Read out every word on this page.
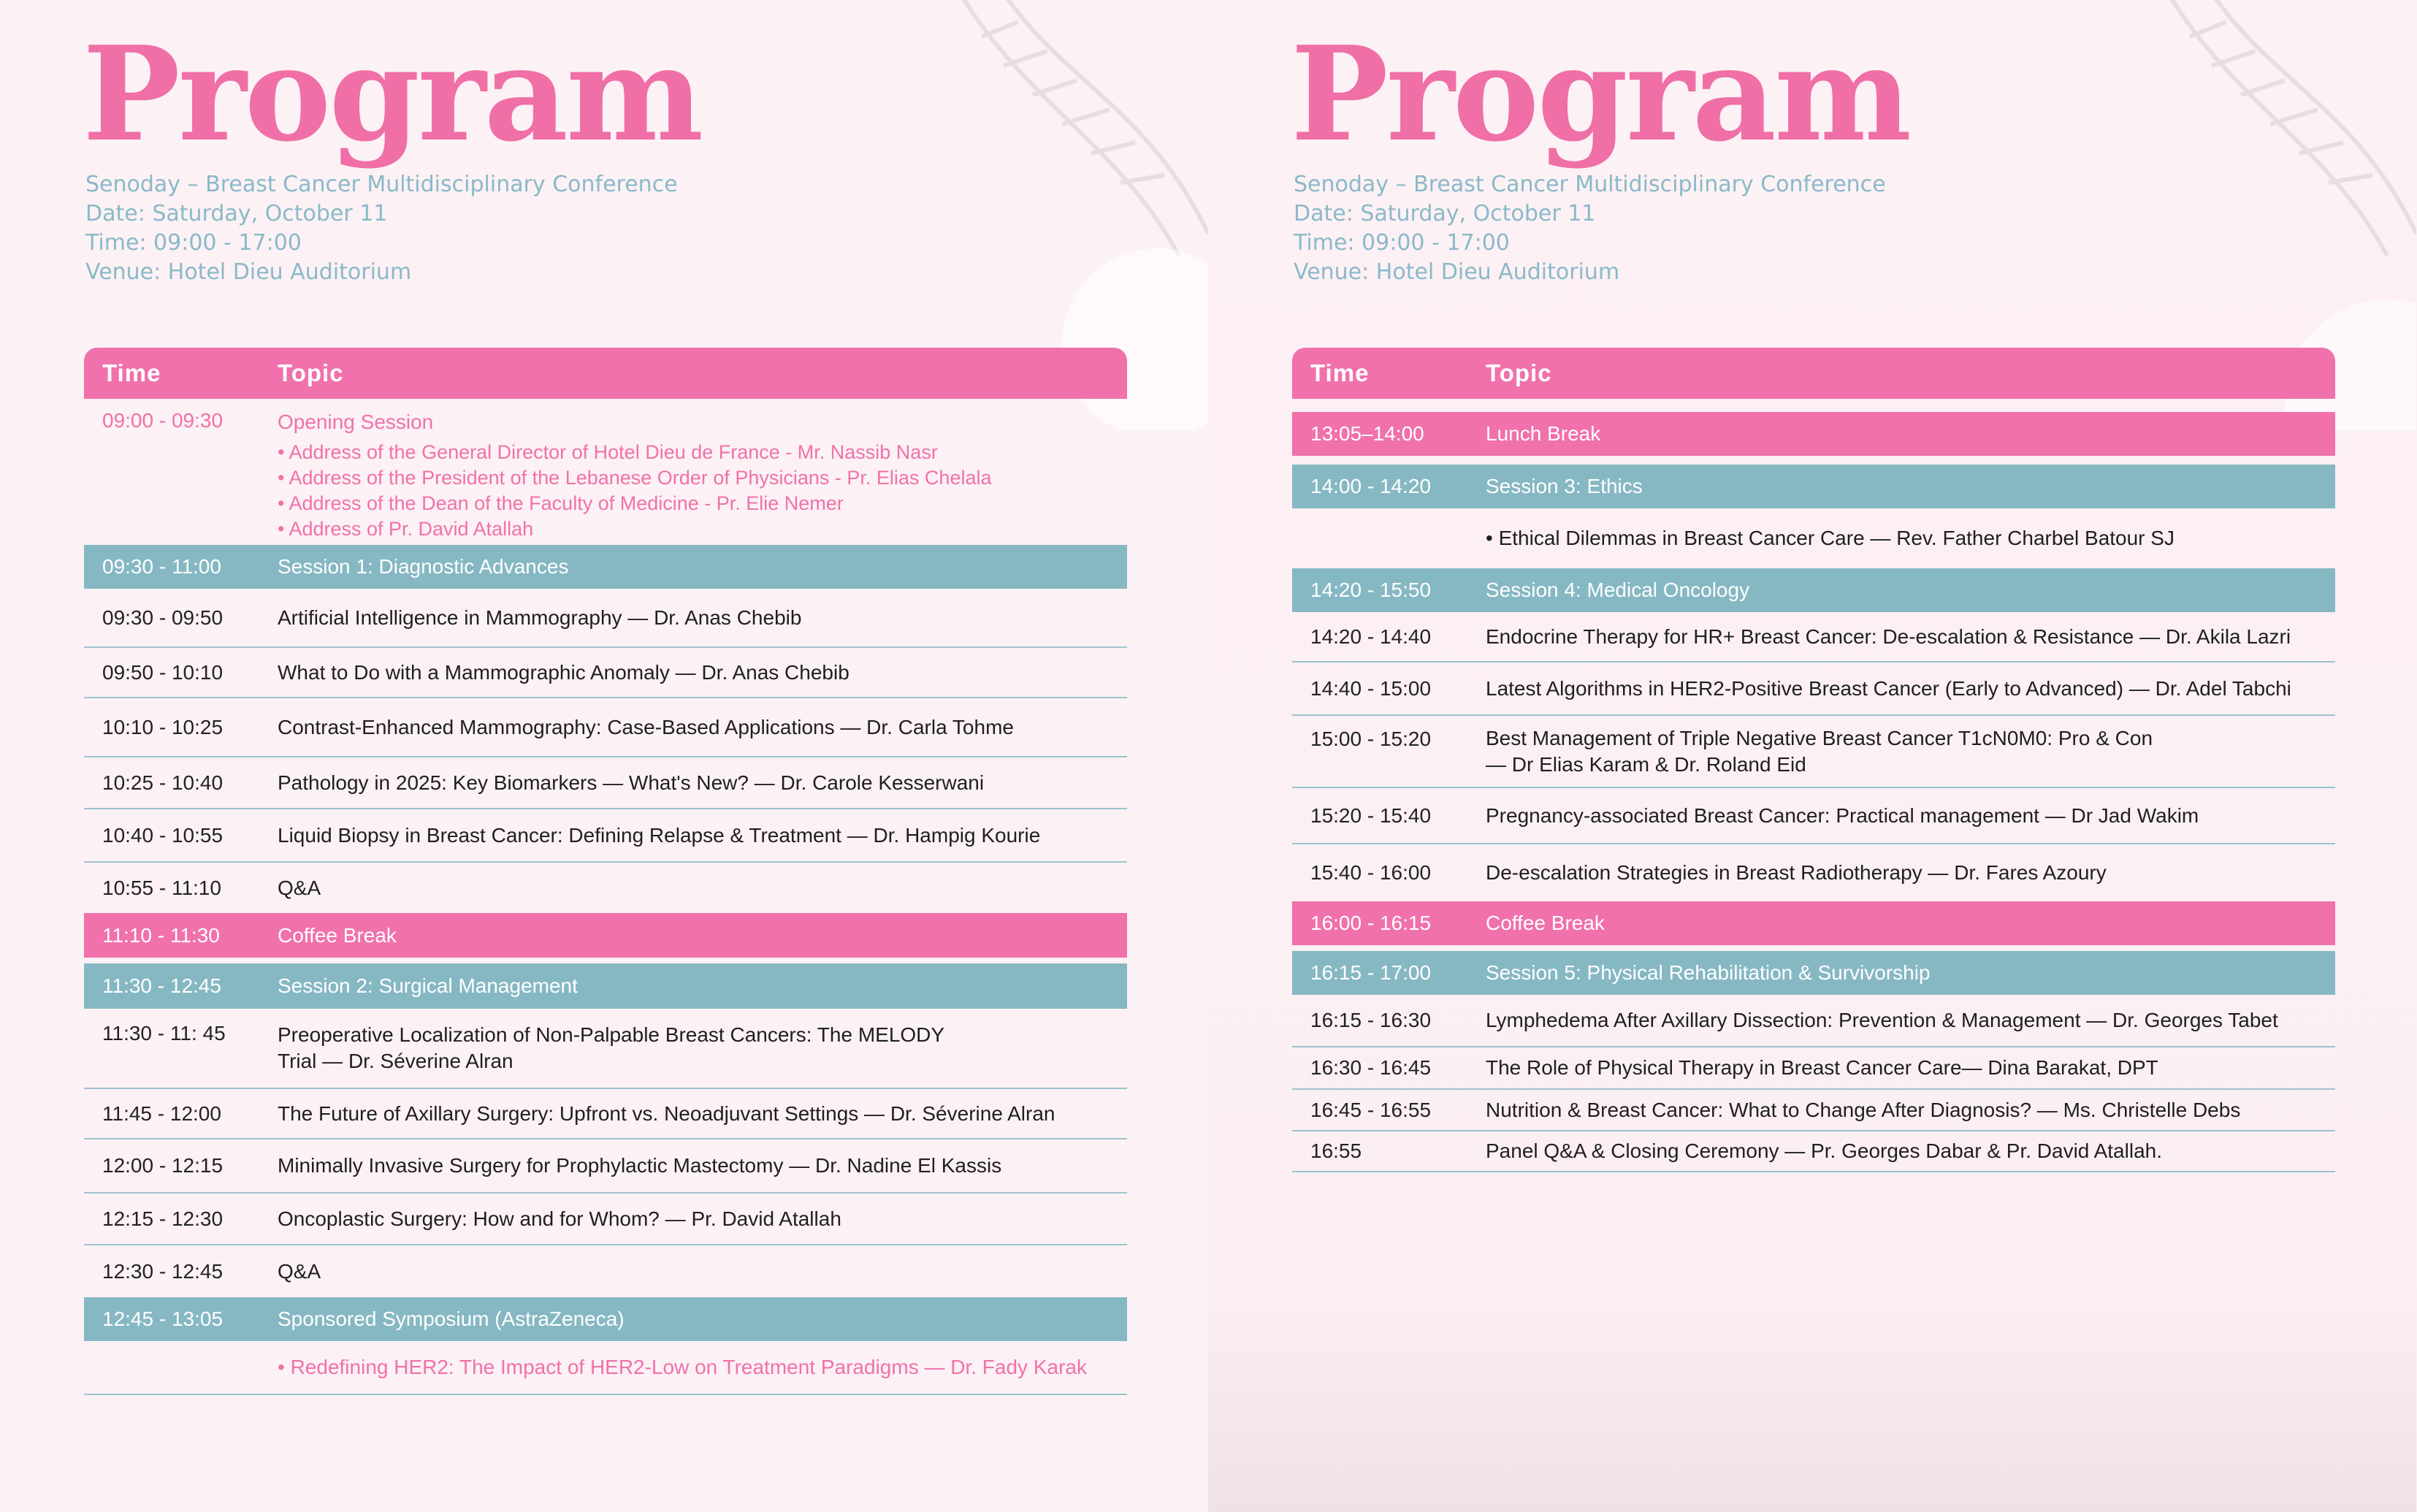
Program
Senoday – Breast Cancer Multidisciplinary Conference
Date: Saturday, October 11
Time: 09:00 - 17:00
Venue: Hotel Dieu Auditorium
Time	Topic
09:00 - 09:30	Opening Session
• Address of the General Director of Hotel Dieu de France - Mr. Nassib Nasr
• Address of the President of the Lebanese Order of Physicians - Pr. Elias Chelala
• Address of the Dean of the Faculty of Medicine - Pr. Elie Nemer
• Address of Pr. David Atallah
09:30 - 11:00	Session 1: Diagnostic Advances
09:30 - 09:50	Artificial Intelligence in Mammography — Dr. Anas Chebib
09:50 - 10:10	What to Do with a Mammographic Anomaly — Dr. Anas Chebib
10:10 - 10:25	Contrast-Enhanced Mammography: Case-Based Applications — Dr. Carla Tohme
10:25 - 10:40	Pathology in 2025: Key Biomarkers — What's New? — Dr. Carole Kesserwani
10:40 - 10:55	Liquid Biopsy in Breast Cancer: Defining Relapse & Treatment — Dr. Hampig Kourie
10:55 - 11:10	Q&A
11:10 - 11:30	Coffee Break
11:30 - 12:45	Session 2: Surgical Management
11:30 - 11: 45	Preoperative Localization of Non-Palpable Breast Cancers: The MELODY
Trial — Dr. Séverine Alran
11:45 - 12:00	The Future of Axillary Surgery: Upfront vs. Neoadjuvant Settings — Dr. Séverine Alran
12:00 - 12:15	Minimally Invasive Surgery for Prophylactic Mastectomy — Dr. Nadine El Kassis
12:15 - 12:30	Oncoplastic Surgery: How and for Whom? — Pr. David Atallah
12:30 - 12:45	Q&A
12:45 - 13:05	Sponsored Symposium (AstraZeneca)
• Redefining HER2: The Impact of HER2-Low on Treatment Paradigms — Dr. Fady Karak
Program
Senoday – Breast Cancer Multidisciplinary Conference
Date: Saturday, October 11
Time: 09:00 - 17:00
Venue: Hotel Dieu Auditorium
Time	Topic
13:05–14:00	Lunch Break
14:00 - 14:20	Session 3: Ethics
• Ethical Dilemmas in Breast Cancer Care — Rev. Father Charbel Batour SJ
14:20 - 15:50	Session 4: Medical Oncology
14:20 - 14:40	Endocrine Therapy for HR+ Breast Cancer: De-escalation & Resistance — Dr. Akila Lazri
14:40 - 15:00	Latest Algorithms in HER2-Positive Breast Cancer (Early to Advanced) — Dr. Adel Tabchi
15:00 - 15:20	Best Management of Triple Negative Breast Cancer T1cN0M0: Pro & Con
— Dr Elias Karam & Dr. Roland Eid
15:20 - 15:40	Pregnancy-associated Breast Cancer: Practical management — Dr Jad Wakim
15:40 - 16:00	De-escalation Strategies in Breast Radiotherapy — Dr. Fares Azoury
16:00 - 16:15	Coffee Break
16:15 - 17:00	Session 5: Physical Rehabilitation & Survivorship
16:15 - 16:30	Lymphedema After Axillary Dissection: Prevention & Management — Dr. Georges Tabet
16:30 - 16:45	The Role of Physical Therapy in Breast Cancer Care— Dina Barakat, DPT
16:45 - 16:55	Nutrition & Breast Cancer: What to Change After Diagnosis? — Ms. Christelle Debs
16:55	Panel Q&A & Closing Ceremony — Pr. Georges Dabar & Pr. David Atallah.
